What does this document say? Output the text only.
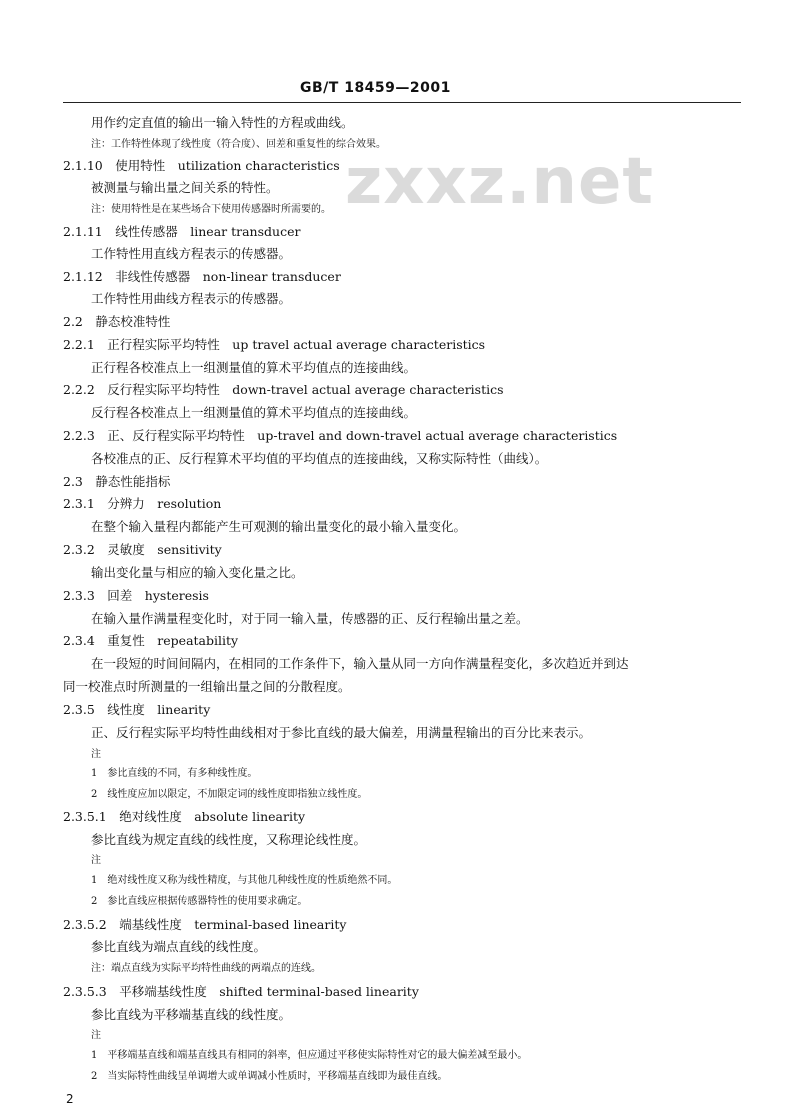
GB/T 18459—2001
zxxz.net
用作约定直值的输出一输入特性的方程或曲线。
注：工作特性体现了线性度（符合度）、回差和重复性的综合效果。
2.1.10　使用特性　utilization characteristics
被测量与输出量之间关系的特性。
注：使用特性是在某些场合下使用传感器时所需要的。
2.1.11　线性传感器　linear transducer
工作特性用直线方程表示的传感器。
2.1.12　非线性传感器　non-linear transducer
工作特性用曲线方程表示的传感器。
2.2　静态校准特性
2.2.1　正行程实际平均特性　up travel actual average characteristics
正行程各校准点上一组测量值的算术平均值点的连接曲线。
2.2.2　反行程实际平均特性　down-travel actual average characteristics
反行程各校准点上一组测量值的算术平均值点的连接曲线。
2.2.3　正、反行程实际平均特性　up-travel and down-travel actual average characteristics
各校准点的正、反行程算术平均值的平均值点的连接曲线，又称实际特性（曲线）。
2.3　静态性能指标
2.3.1　分辨力　resolution
在整个输入量程内都能产生可观测的输出量变化的最小输入量变化。
2.3.2　灵敏度　sensitivity
输出变化量与相应的输入变化量之比。
2.3.3　回差　hysteresis
在输入量作满量程变化时，对于同一输入量，传感器的正、反行程输出量之差。
2.3.4　重复性　repeatability
在一段短的时间间隔内，在相同的工作条件下，输入量从同一方向作满量程变化，多次趋近并到达
同一校准点时所测量的一组输出量之间的分散程度。
2.3.5　线性度　linearity
正、反行程实际平均特性曲线相对于参比直线的最大偏差，用满量程输出的百分比来表示。
注
1　参比直线的不同，有多种线性度。
2　线性度应加以限定，不加限定词的线性度即指独立线性度。
2.3.5.1　绝对线性度　absolute linearity
参比直线为规定直线的线性度，又称理论线性度。
注
1　绝对线性度又称为线性精度，与其他几种线性度的性质绝然不同。
2　参比直线应根据传感器特性的使用要求确定。
2.3.5.2　端基线性度　terminal-based linearity
参比直线为端点直线的线性度。
注：端点直线为实际平均特性曲线的两端点的连线。
2.3.5.3　平移端基线性度　shifted terminal-based linearity
参比直线为平移端基直线的线性度。
注
1　平移端基直线和端基直线具有相同的斜率，但应通过平移使实际特性对它的最大偏差减至最小。
2　当实际特性曲线呈单调增大或单调减小性质时，平移端基直线即为最佳直线。
2
